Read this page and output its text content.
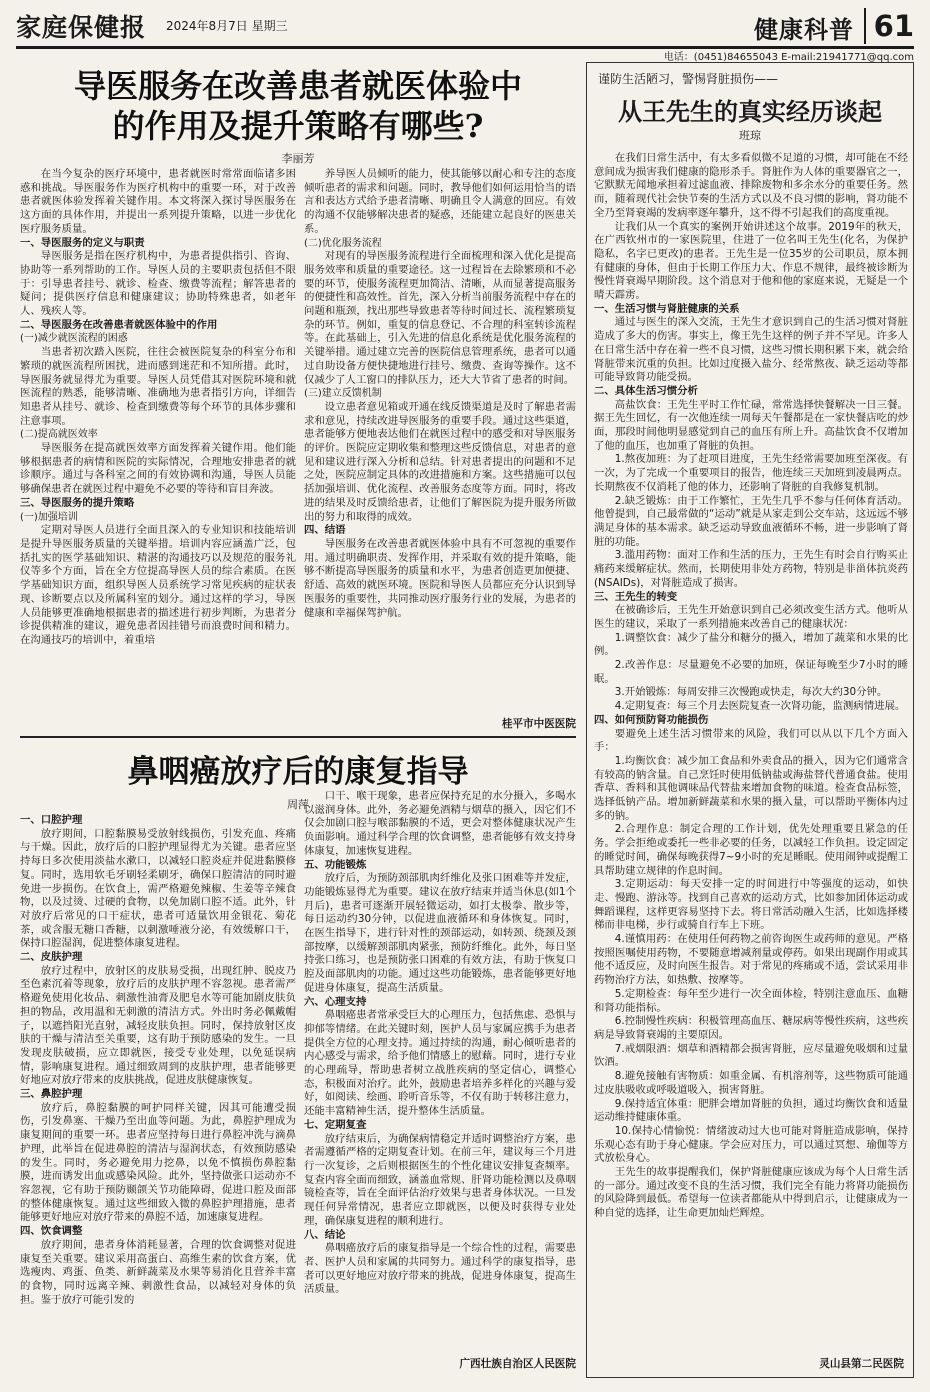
家庭保健报 2024年8月7日 星期三	健康科普 61
电话：(0451)84655043 E-mail:21941771@qq.com
导医服务在改善患者就医体验中
的作用及提升策略有哪些?
李丽芳

在当今复杂的医疗环境中，患者就医时常常面临诸多困惑和挑战。导医服务作为医疗机构中的重要一环，对于改善患者就医体验发挥着关键作用。本文将深入探讨导医服务在这方面的具体作用，并提出一系列提升策略，以进一步优化医疗服务质量。

一、导医服务的定义与职责

导医服务是指在医疗机构中，为患者提供指引、咨询、协助等一系列帮助的工作。导医人员的主要职责包括但不限于：引导患者挂号、就诊、检查、缴费等流程；解答患者的疑问；提供医疗信息和健康建议；协助特殊患者，如老年人、残疾人等。

二、导医服务在改善患者就医体验中的作用

(一)减少就医流程的困惑

当患者初次踏入医院，往往会被医院复杂的科室分布和繁琐的就医流程所困扰，进而感到迷茫和不知所措。此时，导医服务就显得尤为重要。导医人员凭借其对医院环境和就医流程的熟悉，能够清晰、准确地为患者指引方向，详细告知患者从挂号、就诊、检查到缴费等每个环节的具体步骤和注意事项。

(二)提高就医效率

导医服务在提高就医效率方面发挥着关键作用。他们能够根据患者的病情和医院的实际情况，合理地安排患者的就诊顺序。通过与各科室之间的有效协调和沟通，导医人员能够确保患者在就医过程中避免不必要的等待和盲目奔波。

三、导医服务的提升策略

(一)加强培训

定期对导医人员进行全面且深入的专业知识和技能培训是提升导医服务质量的关键举措。培训内容应涵盖广泛，包括扎实的医学基础知识、精湛的沟通技巧以及规范的服务礼仪等多个方面，旨在全方位提高导医人员的综合素质。在医学基础知识方面，组织导医人员系统学习常见疾病的症状表现、诊断要点以及所属科室的划分。通过这样的学习，导医人员能够更准确地根据患者的描述进行初步判断，为患者分诊提供精准的建议，避免患者因挂错号而浪费时间和精力。在沟通技巧的培训中，着重培

养导医人员倾听的能力，使其能够以耐心和专注的态度倾听患者的需求和问题。同时，教导他们如何运用恰当的语言和表达方式给予患者清晰、明确且令人满意的回应。有效的沟通不仅能够解决患者的疑惑，还能建立起良好的医患关系。

(二)优化服务流程

对现有的导医服务流程进行全面梳理和深入优化是提高服务效率和质量的重要途径。这一过程旨在去除繁琐和不必要的环节，使服务流程更加简洁、清晰，从而显著提高服务的便捷性和高效性。首先，深入分析当前服务流程中存在的问题和瓶颈，找出那些导致患者等待时间过长、流程繁琐复杂的环节。例如，重复的信息登记、不合理的科室转诊流程等。在此基础上，引入先进的信息化系统是优化服务流程的关键举措。通过建立完善的医院信息管理系统，患者可以通过自助设备方便快捷地进行挂号、缴费、查询等操作。这不仅减少了人工窗口的排队压力，还大大节省了患者的时间。

(三)建立反馈机制

设立患者意见箱或开通在线反馈渠道是及时了解患者需求和意见，持续改进导医服务的重要手段。通过这些渠道，患者能够方便地表达他们在就医过程中的感受和对导医服务的评价。医院应定期收集和整理这些反馈信息，对患者的意见和建议进行深入分析和总结。针对患者提出的问题和不足之处，医院应制定具体的改进措施和方案。这些措施可以包括加强培训、优化流程、改善服务态度等方面。同时，将改进的结果及时反馈给患者，让他们了解医院为提升服务所做出的努力和取得的成效。

四、结语

导医服务在改善患者就医体验中具有不可忽视的重要作用。通过明确职责、发挥作用，并采取有效的提升策略，能够不断提高导医服务的质量和水平，为患者创造更加便捷、舒适、高效的就医环境。医院和导医人员都应充分认识到导医服务的重要性，共同推动医疗服务行业的发展，为患者的健康和幸福保驾护航。

桂平市中医医院
鼻咽癌放疗后的康复指导
周萍

一、口腔护理

放疗期间，口腔黏膜易受放射线损伤，引发充血、疼痛与干燥。因此，放疗后的口腔护理显得尤为关键。患者应坚持每日多次使用淡盐水漱口，以减轻口腔炎症并促进黏膜修复。同时，选用软毛牙刷轻柔刷牙，确保口腔清洁的同时避免进一步损伤。在饮食上，需严格避免辣椒、生姜等辛辣食物，以及过烫、过硬的食物，以免加剧口腔不适。此外，针对放疗后常见的口干症状，患者可适量饮用金银花、菊花茶，或含服无糖口香糖，以刺激唾液分泌，有效缓解口干，保持口腔湿润，促进整体康复进程。

二、皮肤护理

放疗过程中，放射区的皮肤易受损，出现红肿、脱皮乃至色素沉着等现象，放疗后的皮肤护理不容忽视。患者需严格避免使用化妆品、刺激性油膏及肥皂水等可能加剧皮肤负担的物品，改用温和无刺激的清洁方式。外出时务必佩戴帽子，以遮挡阳光直射，减轻皮肤负担。同时，保持放射区皮肤的干燥与清洁至关重要，这有助于预防感染的发生。一旦发现皮肤破损，应立即就医，接受专业处理，以免延误病情，影响康复进程。通过细致周到的皮肤护理，患者能够更好地应对放疗带来的皮肤挑战，促进皮肤健康恢复。

三、鼻腔护理

放疗后，鼻腔黏膜的呵护同样关键，因其可能遭受损伤，引发鼻塞、干燥乃至出血等问题。为此，鼻腔护理成为康复期间的重要一环。患者应坚持每日进行鼻腔冲洗与滴鼻护理，此举旨在促进鼻腔的清洁与湿润状态，有效预防感染的发生。同时，务必避免用力挖鼻，以免不慎损伤鼻腔黏膜，进而诱发出血或感染风险。此外，坚持做张口运动亦不容忽视，它有助于预防颞颌关节功能障碍，促进口腔及面部的整体健康恢复。通过这些细致入微的鼻腔护理措施，患者能够更好地应对放疗带来的鼻腔不适，加速康复进程。

四、饮食调整

放疗期间，患者身体消耗显著，合理的饮食调整对促进康复至关重要。建议采用高蛋白、高维生素的饮食方案，优选瘦肉、鸡蛋、鱼类、新鲜蔬菜及水果等易消化且营养丰富的食物，同时远离辛辣、刺激性食品，以减轻对身体的负担。鉴于放疗可能引发的

口干、喉干现象，患者应保持充足的水分摄入，多喝水以滋润身体。此外，务必避免酒精与烟草的摄入，因它们不仅会加剧口腔与喉部黏膜的不适，更会对整体健康状况产生负面影响。通过科学合理的饮食调整，患者能够有效支持身体康复，加速恢复进程。

五、功能锻炼

放疗后，为预防颈部肌肉纤维化及张口困难等并发症，功能锻炼显得尤为重要。建议在放疗结束并适当休息(如1个月后)，患者可逐渐开展轻微运动，如打太极拳、散步等，每日运动约30分钟，以促进血液循环和身体恢复。同时，在医生指导下，进行针对性的颈部运动，如转颈、绕颈及颈部按摩，以缓解颈部肌肉紧张，预防纤维化。此外，每日坚持张口练习，也是预防张口困难的有效方法，有助于恢复口腔及面部肌肉的功能。通过这些功能锻炼，患者能够更好地促进身体康复，提高生活质量。

六、心理支持

鼻咽癌患者常承受巨大的心理压力，包括焦虑、恐惧与抑郁等情绪。在此关键时刻，医护人员与家属应携手为患者提供全方位的心理支持。通过持续的沟通，耐心倾听患者的内心感受与需求，给予他们情感上的慰藉。同时，进行专业的心理疏导，帮助患者树立战胜疾病的坚定信心，调整心态，积极面对治疗。此外，鼓励患者培养多样化的兴趣与爱好，如阅读、绘画、聆听音乐等，不仅有助于转移注意力，还能丰富精神生活，提升整体生活质量。

七、定期复查

放疗结束后，为确保病情稳定并适时调整治疗方案，患者需遵循严格的定期复查计划。在前三年，建议每三个月进行一次复诊，之后则根据医生的个性化建议安排复查频率。复查内容全面而细致，涵盖血常规、肝肾功能检测以及鼻咽镜检查等，旨在全面评估治疗效果与患者身体状况。一旦发现任何异常情况，患者应立即就医，以便及时获得专业处理，确保康复进程的顺利进行。

八、结论

鼻咽癌放疗后的康复指导是一个综合性的过程，需要患者、医护人员和家属的共同努力。通过科学的康复指导，患者可以更好地应对放疗带来的挑战，促进身体康复，提高生活质量。

广西壮族自治区人民医院
谨防生活陋习，警惕肾脏损伤——
从王先生的真实经历谈起
班琼

在我们日常生活中，有太多看似微不足道的习惯，却可能在不经意间成为损害我们健康的隐形杀手。肾脏作为人体的重要器官之一，它默默无闻地承担着过滤血液、排除废物和多余水分的重要任务。然而，随着现代社会快节奏的生活方式以及不良习惯的影响，肾功能不全乃至肾衰竭的发病率逐年攀升，这不得不引起我们的高度重视。

让我们从一个真实的案例开始讲述这个故事。2019年的秋天，在广西钦州市的一家医院里，住进了一位名叫王先生(化名，为保护隐私，名字已更改)的患者。王先生是一位35岁的公司职员，原本拥有健康的身体，但由于长期工作压力大、作息不规律，最终被诊断为慢性肾衰竭早期阶段。这个消息对于他和他的家庭来说，无疑是一个晴天霹雳。

一、生活习惯与肾脏健康的关系

通过与医生的深入交流，王先生才意识到自己的生活习惯对肾脏造成了多大的伤害。事实上，像王先生这样的例子并不罕见。许多人在日常生活中存在着一些不良习惯，这些习惯长期积累下来，就会给肾脏带来沉重的负担。比如过度摄入盐分、经常熬夜、缺乏运动等都可能导致肾功能受损。

二、具体生活习惯分析

高盐饮食：王先生平时工作忙碌，常常选择快餐解决一日三餐。据王先生回忆，有一次他连续一周每天午餐都是在一家快餐店吃的炒面，那段时间他明显感觉到自己的血压有所上升。高盐饮食不仅增加了他的血压，也加重了肾脏的负担。

1.熬夜加班：为了赶项目进度，王先生经常需要加班至深夜。有一次，为了完成一个重要项目的报告，他连续三天加班到凌晨两点。长期熬夜不仅消耗了他的体力，还影响了肾脏的自我修复机制。

2.缺乏锻炼：由于工作繁忙，王先生几乎不参与任何体育活动。他曾提到，自己最常做的“运动”就是从家走到公交车站，这远远不够满足身体的基本需求。缺乏运动导致血液循环不畅，进一步影响了肾脏的功能。

3.滥用药物：面对工作和生活的压力，王先生有时会自行购买止痛药来缓解症状。然而，长期使用非处方药物，特别是非甾体抗炎药(NSAIDs)，对肾脏造成了损害。

三、王先生的转变

在被确诊后，王先生开始意识到自己必须改变生活方式。他听从医生的建议，采取了一系列措施来改善自己的健康状况：

1.调整饮食：减少了盐分和糖分的摄入，增加了蔬菜和水果的比例。

2.改善作息：尽量避免不必要的加班，保证每晚至少7小时的睡眠。

3.开始锻炼：每周安排三次慢跑或快走，每次大约30分钟。

4.定期复查：每三个月去医院复查一次肾功能，监测病情进展。

四、如何预防肾功能损伤

要避免上述生活习惯带来的风险，我们可以从以下几个方面入手：

1.均衡饮食：减少加工食品和外卖食品的摄入，因为它们通常含有较高的钠含量。自己烹饪时使用低钠盐或海盐替代普通食盐。使用香草、香料和其他调味品代替盐来增加食物的味道。检查食品标签，选择低钠产品。增加新鲜蔬菜和水果的摄入量，可以帮助平衡体内过多的钠。

2.合理作息：制定合理的工作计划，优先处理重要且紧急的任务。学会拒绝或委托一些非必要的任务，以减轻工作负担。设定固定的睡觉时间，确保每晚获得7~9小时的充足睡眠。使用闹钟或提醒工具帮助建立规律的作息时间。

3.定期运动：每天安排一定的时间进行中等强度的运动，如快走、慢跑、游泳等。找到自己喜欢的运动方式，比如参加团体运动或舞蹈课程，这样更容易坚持下去。将日常活动融入生活，比如选择楼梯而非电梯，步行或骑自行车上下班。

4.谨慎用药：在使用任何药物之前咨询医生或药师的意见。严格按照医嘱使用药物，不要随意增减剂量或停药。如果出现副作用或其他不适反应，及时向医生报告。对于常见的疼痛或不适，尝试采用非药物治疗方法，如热敷、按摩等。

5.定期检查：每年至少进行一次全面体检，特别注意血压、血糖和肾功能指标。

6.控制慢性疾病：积极管理高血压、糖尿病等慢性疾病，这些疾病是导致肾衰竭的主要原因。

7.戒烟限酒：烟草和酒精都会损害肾脏，应尽量避免吸烟和过量饮酒。

8.避免接触有害物质：如重金属、有机溶剂等，这些物质可能通过皮肤吸收或呼吸道吸入，损害肾脏。

9.保持适宜体重：肥胖会增加肾脏的负担，通过均衡饮食和适量运动维持健康体重。

10.保持心情愉悦：情绪波动过大也可能对肾脏造成影响，保持乐观心态有助于身心健康。学会应对压力，可以通过冥想、瑜伽等方式放松身心。

王先生的故事提醒我们，保护肾脏健康应该成为每个人日常生活的一部分。通过改变不良的生活习惯，我们完全有能力将肾功能损伤的风险降到最低。希望每一位读者都能从中得到启示，让健康成为一种自觉的选择，让生命更加灿烂辉煌。

灵山县第二民医院
